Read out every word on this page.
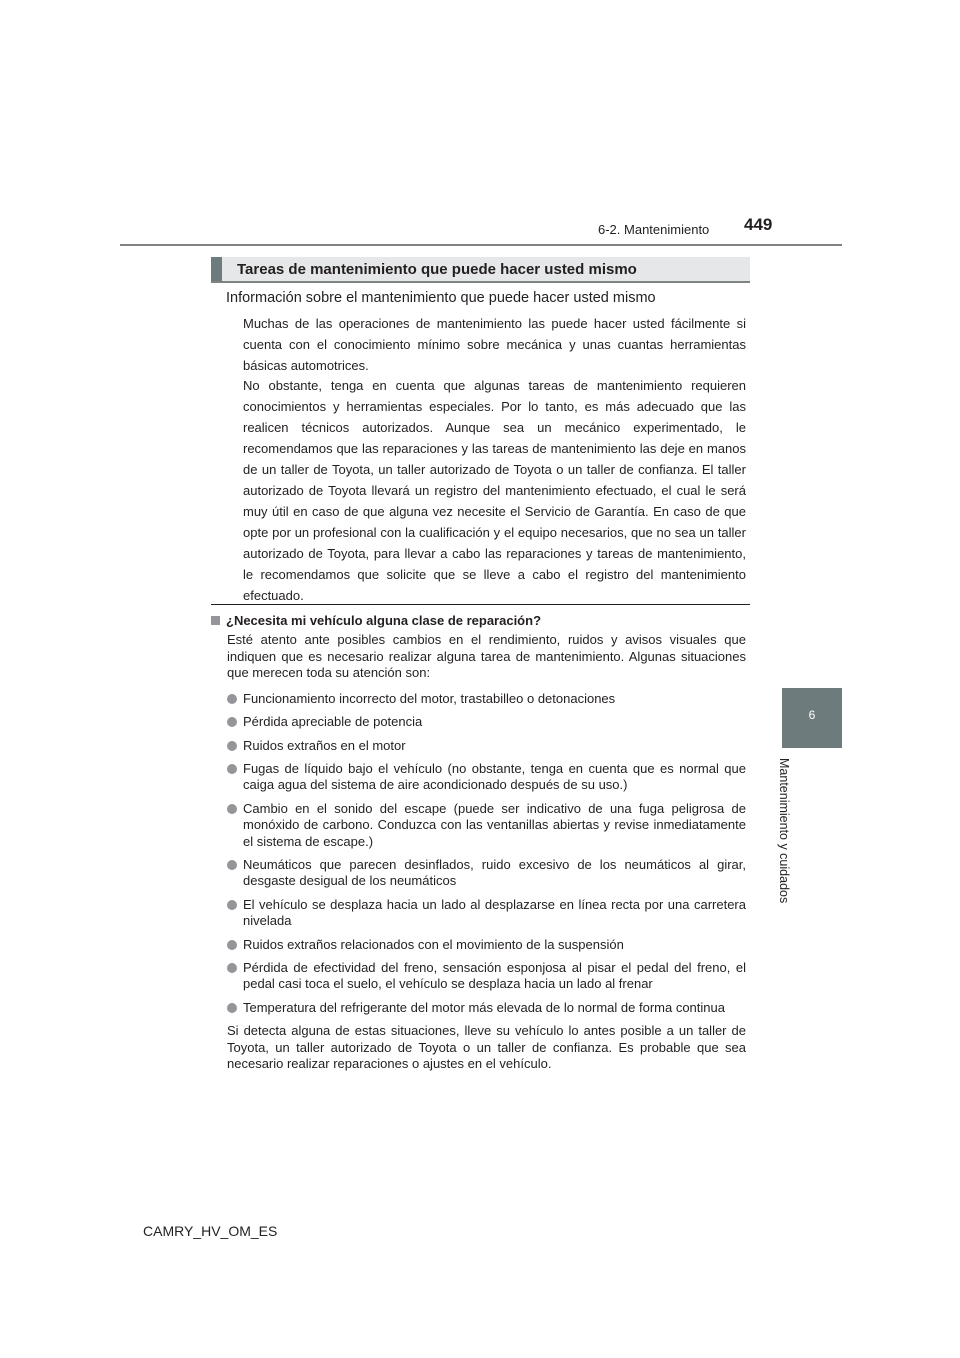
6-2. Mantenimiento 449
6
Mantenimiento y cuidados
Tareas de mantenimiento que puede hacer usted mismo
Información sobre el mantenimiento que puede hacer usted mismo
Muchas de las operaciones de mantenimiento las puede hacer usted fácilmente si cuenta con el conocimiento mínimo sobre mecánica y unas cuantas herramientas básicas automotrices.
No obstante, tenga en cuenta que algunas tareas de mantenimiento requieren conocimientos y herramientas especiales. Por lo tanto, es más adecuado que las realicen técnicos autorizados. Aunque sea un mecánico experimentado, le recomendamos que las reparaciones y las tareas de mantenimiento las deje en manos de un taller de Toyota, un taller autorizado de Toyota o un taller de confianza. El taller autorizado de Toyota llevará un registro del mantenimiento efectuado, el cual le será muy útil en caso de que alguna vez necesite el Servicio de Garantía. En caso de que opte por un profesional con la cualificación y el equipo necesarios, que no sea un taller autorizado de Toyota, para llevar a cabo las reparaciones y tareas de mantenimiento, le recomendamos que solicite que se lleve a cabo el registro del mantenimiento efectuado.
¿Necesita mi vehículo alguna clase de reparación?
Esté atento ante posibles cambios en el rendimiento, ruidos y avisos visuales que indiquen que es necesario realizar alguna tarea de mantenimiento. Algunas situaciones que merecen toda su atención son:
Funcionamiento incorrecto del motor, trastabilleo o detonaciones
Pérdida apreciable de potencia
Ruidos extraños en el motor
Fugas de líquido bajo el vehículo (no obstante, tenga en cuenta que es normal que caiga agua del sistema de aire acondicionado después de su uso.)
Cambio en el sonido del escape (puede ser indicativo de una fuga peligrosa de monóxido de carbono. Conduzca con las ventanillas abiertas y revise inmediatamente el sistema de escape.)
Neumáticos que parecen desinflados, ruido excesivo de los neumáticos al girar, desgaste desigual de los neumáticos
El vehículo se desplaza hacia un lado al desplazarse en línea recta por una carretera nivelada
Ruidos extraños relacionados con el movimiento de la suspensión
Pérdida de efectividad del freno, sensación esponjosa al pisar el pedal del freno, el pedal casi toca el suelo, el vehículo se desplaza hacia un lado al frenar
Temperatura del refrigerante del motor más elevada de lo normal de forma continua
Si detecta alguna de estas situaciones, lleve su vehículo lo antes posible a un taller de Toyota, un taller autorizado de Toyota o un taller de confianza. Es probable que sea necesario realizar reparaciones o ajustes en el vehículo.
CAMRY_HV_OM_ES
